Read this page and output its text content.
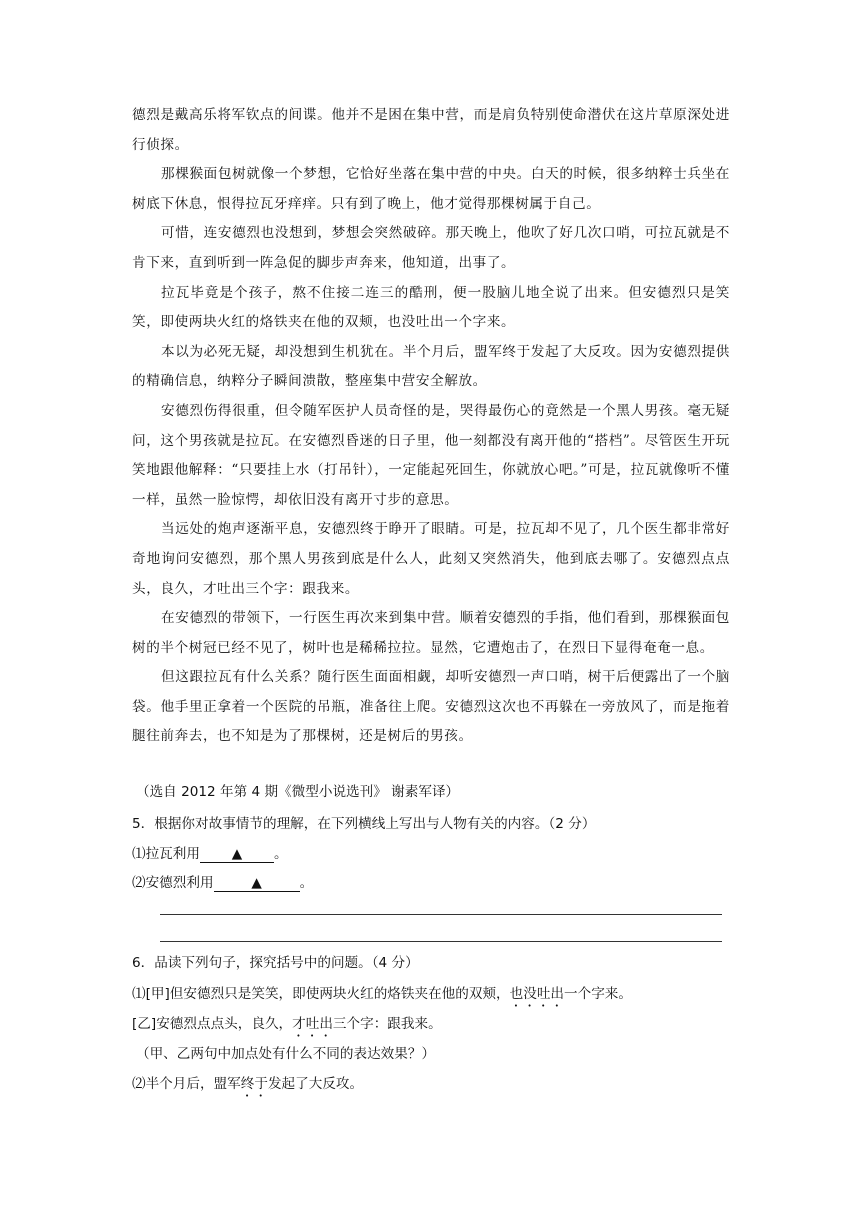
德烈是戴高乐将军钦点的间谍。他并不是困在集中营，而是肩负特别使命潜伏在这片草原深处进行侦探。

那棵猴面包树就像一个梦想，它恰好坐落在集中营的中央。白天的时候，很多纳粹士兵坐在树底下休息，恨得拉瓦牙痒痒。只有到了晚上，他才觉得那棵树属于自己。

可惜，连安德烈也没想到，梦想会突然破碎。那天晚上，他吹了好几次口哨，可拉瓦就是不肯下来，直到听到一阵急促的脚步声奔来，他知道，出事了。

拉瓦毕竟是个孩子，熬不住接二连三的酷刑，便一股脑儿地全说了出来。但安德烈只是笑笑，即使两块火红的烙铁夹在他的双颊，也没吐出一个字来。

本以为必死无疑，却没想到生机犹在。半个月后，盟军终于发起了大反攻。因为安德烈提供的精确信息，纳粹分子瞬间溃散，整座集中营安全解放。

安德烈伤得很重，但令随军医护人员奇怪的是，哭得最伤心的竟然是一个黑人男孩。毫无疑问，这个男孩就是拉瓦。在安德烈昏迷的日子里，他一刻都没有离开他的“搭档”。尽管医生开玩笑地跟他解释：“只要挂上水（打吊针），一定能起死回生，你就放心吧。”可是，拉瓦就像听不懂一样，虽然一脸惊愕，却依旧没有离开寸步的意思。

当远处的炮声逐渐平息，安德烈终于睁开了眼睛。可是，拉瓦却不见了，几个医生都非常好奇地询问安德烈，那个黑人男孩到底是什么人，此刻又突然消失，他到底去哪了。安德烈点点头，良久，才吐出三个字：跟我来。

在安德烈的带领下，一行医生再次来到集中营。顺着安德烈的手指，他们看到，那棵猴面包树的半个树冠已经不见了，树叶也是稀稀拉拉。显然，它遭炮击了，在烈日下显得奄奄一息。

但这跟拉瓦有什么关系？随行医生面面相觑，却听安德烈一声口哨，树干后便露出了一个脑袋。他手里正拿着一个医院的吊瓶，准备往上爬。安德烈这次也不再躲在一旁放风了，而是拖着腿往前奔去，也不知是为了那棵树，还是树后的男孩。

（选自 2012 年第 4 期《微型小说选刊》 谢素军译）
5．根据你对故事情节的理解，在下列横线上写出与人物有关的内容。（2 分）
⑴拉瓦利用 ▲ 。
⑵安德烈利用	▲	。
6．品读下列句子，探究括号中的问题。（4 分）
⑴[甲]但安德烈只是笑笑，即使两块火红的烙铁夹在他的双颊，也没吐出一个字来。
[乙]安德烈点点头，良久，才吐出三个字：跟我来。
（甲、乙两句中加点处有什么不同的表达效果？）
⑵半个月后，盟军终于发起了大反攻。
